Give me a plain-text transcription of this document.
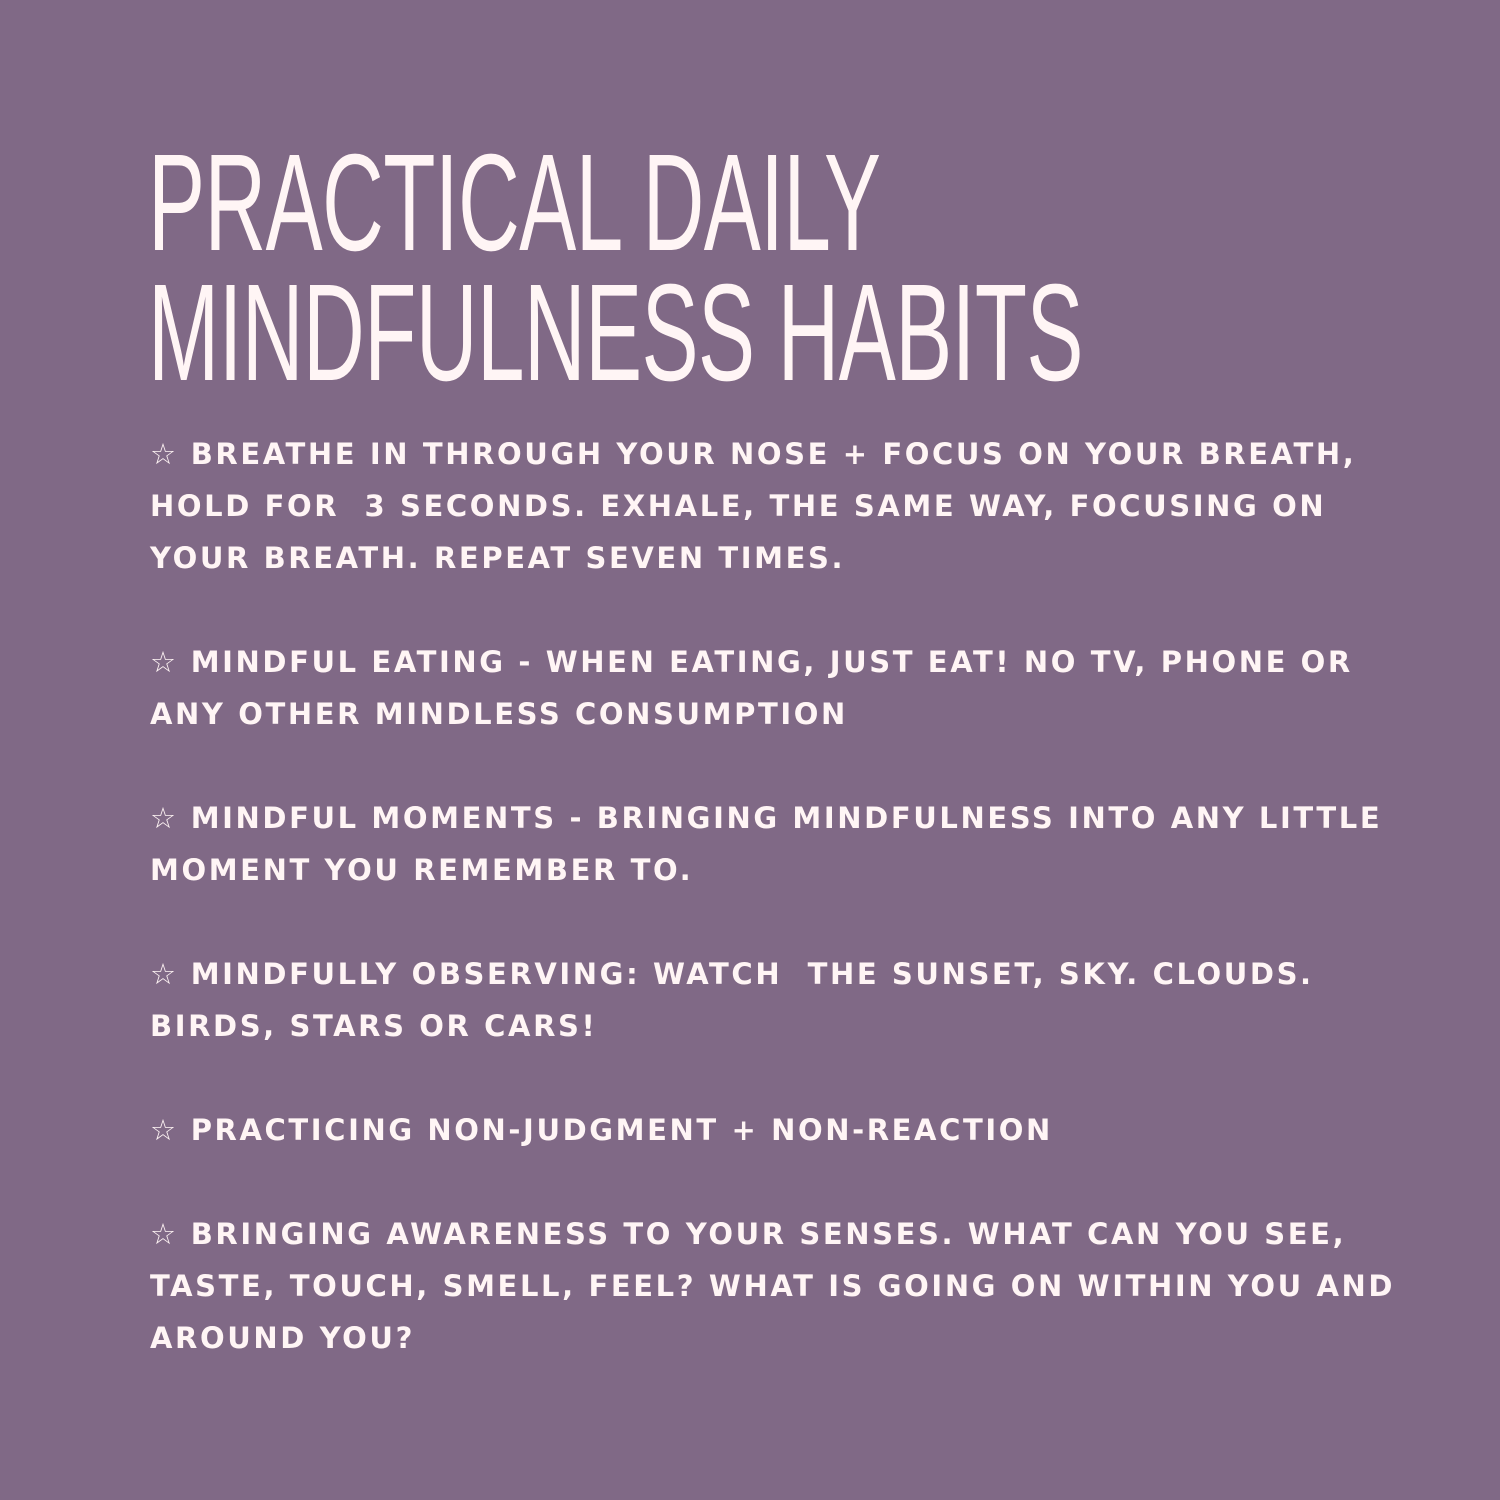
PRACTICAL DAILY
MINDFULNESS HABITS
☆ BREATHE IN THROUGH YOUR NOSE + FOCUS ON YOUR BREATH,
HOLD FOR  3 SECONDS. EXHALE, THE SAME WAY, FOCUSING ON
YOUR BREATH. REPEAT SEVEN TIMES.
☆ MINDFUL EATING - WHEN EATING, JUST EAT! NO TV, PHONE OR
ANY OTHER MINDLESS CONSUMPTION
☆ MINDFUL MOMENTS - BRINGING MINDFULNESS INTO ANY LITTLE
MOMENT YOU REMEMBER TO.
☆ MINDFULLY OBSERVING: WATCH  THE SUNSET, SKY. CLOUDS.
BIRDS, STARS OR CARS!
☆ PRACTICING NON-JUDGMENT + NON-REACTION
☆ BRINGING AWARENESS TO YOUR SENSES. WHAT CAN YOU SEE,
TASTE, TOUCH, SMELL, FEEL? WHAT IS GOING ON WITHIN YOU AND
AROUND YOU?
